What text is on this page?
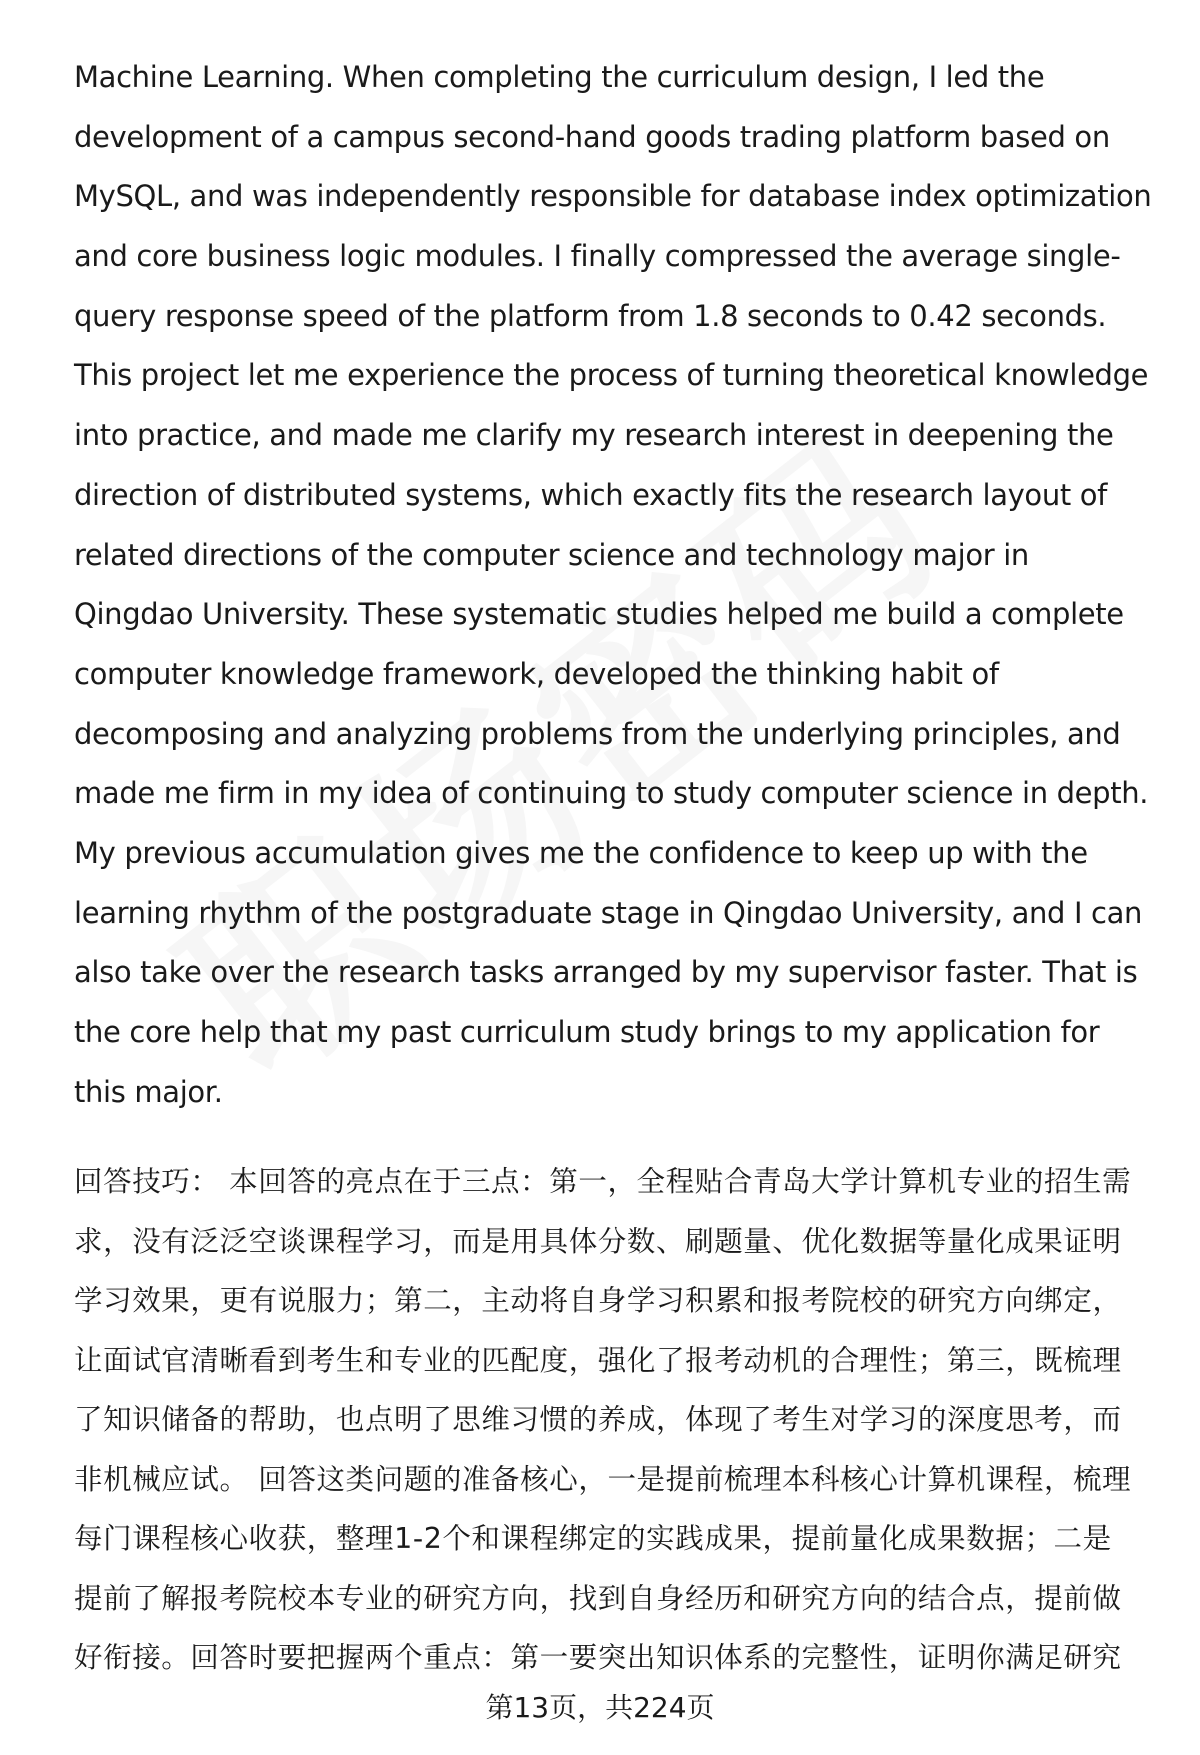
Machine Learning. When completing the curriculum design, I led the
development of a campus second-hand goods trading platform based on
MySQL, and was independently responsible for database index optimization
and core business logic modules. I finally compressed the average single-
query response speed of the platform from 1.8 seconds to 0.42 seconds.
This project let me experience the process of turning theoretical knowledge
into practice, and made me clarify my research interest in deepening the
direction of distributed systems, which exactly fits the research layout of
related directions of the computer science and technology major in
Qingdao University. These systematic studies helped me build a complete
computer knowledge framework, developed the thinking habit of
decomposing and analyzing problems from the underlying principles, and
made me firm in my idea of continuing to study computer science in depth.
My previous accumulation gives me the confidence to keep up with the
learning rhythm of the postgraduate stage in Qingdao University, and I can
also take over the research tasks arranged by my supervisor faster. That is
the core help that my past curriculum study brings to my application for
this major.
回答技巧： 本回答的亮点在于三点：第一，全程贴合青岛大学计算机专业的招生需
求，没有泛泛空谈课程学习，而是用具体分数、刷题量、优化数据等量化成果证明
学习效果，更有说服力；第二，主动将自身学习积累和报考院校的研究方向绑定，
让面试官清晰看到考生和专业的匹配度，强化了报考动机的合理性；第三，既梳理
了知识储备的帮助，也点明了思维习惯的养成，体现了考生对学习的深度思考，而
非机械应试。 回答这类问题的准备核心，一是提前梳理本科核心计算机课程，梳理
每门课程核心收获，整理1-2个和课程绑定的实践成果，提前量化成果数据；二是
提前了解报考院校本专业的研究方向，找到自身经历和研究方向的结合点，提前做
好衔接。回答时要把握两个重点：第一要突出知识体系的完整性，证明你满足研究
第13页，共224页
